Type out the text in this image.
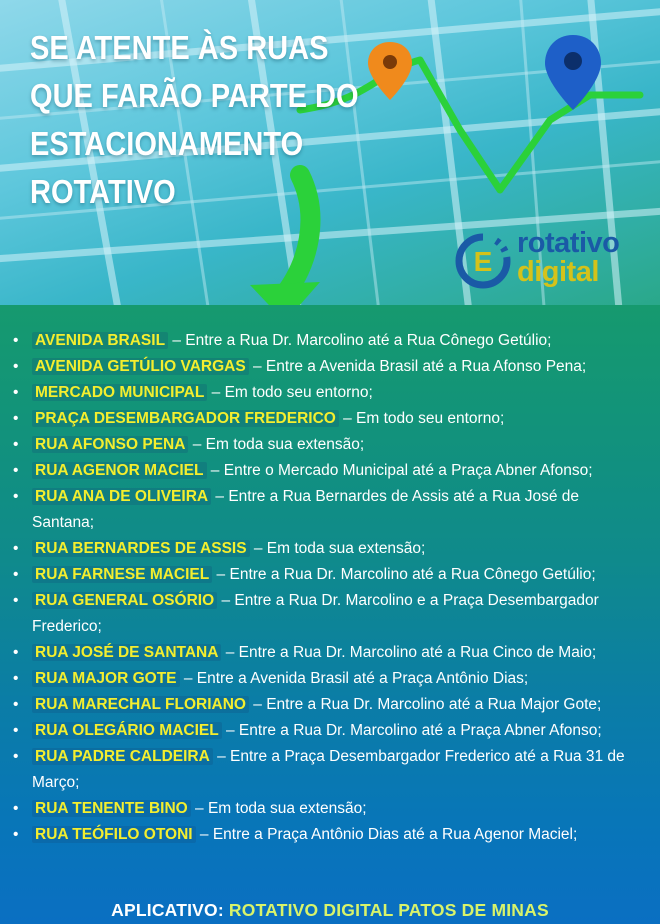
SE ATENTE ÀS RUAS
QUE FARÃO PARTE DO
ESTACIONAMENTO
ROTATIVO
E
rotativo
digital
• AVENIDA BRASIL – Entre a Rua Dr. Marcolino até a Rua Cônego Getúlio;
• AVENIDA GETÚLIO VARGAS – Entre a Avenida Brasil até a Rua Afonso Pena;
• MERCADO MUNICIPAL – Em todo seu entorno;
• PRAÇA DESEMBARGADOR FREDERICO – Em todo seu entorno;
• RUA AFONSO PENA – Em toda sua extensão;
• RUA AGENOR MACIEL – Entre o Mercado Municipal até a Praça Abner Afonso;
• RUA ANA DE OLIVEIRA – Entre a Rua Bernardes de Assis até a Rua José de Santana;
• RUA BERNARDES DE ASSIS – Em toda sua extensão;
• RUA FARNESE MACIEL – Entre a Rua Dr. Marcolino até a Rua Cônego Getúlio;
• RUA GENERAL OSÓRIO – Entre a Rua Dr. Marcolino e a Praça Desembargador Frederico;
• RUA JOSÉ DE SANTANA – Entre a Rua Dr. Marcolino até a Rua Cinco de Maio;
• RUA MAJOR GOTE – Entre a Avenida Brasil até a Praça Antônio Dias;
• RUA MARECHAL FLORIANO – Entre a Rua Dr. Marcolino até a Rua Major Gote;
• RUA OLEGÁRIO MACIEL – Entre a Rua Dr. Marcolino até a Praça Abner Afonso;
• RUA PADRE CALDEIRA – Entre a Praça Desembargador Frederico até a Rua 31 de Março;
• RUA TENENTE BINO – Em toda sua extensão;
• RUA TEÓFILO OTONI – Entre a Praça Antônio Dias até a Rua Agenor Maciel;
APLICATIVO: ROTATIVO DIGITAL PATOS DE MINAS
